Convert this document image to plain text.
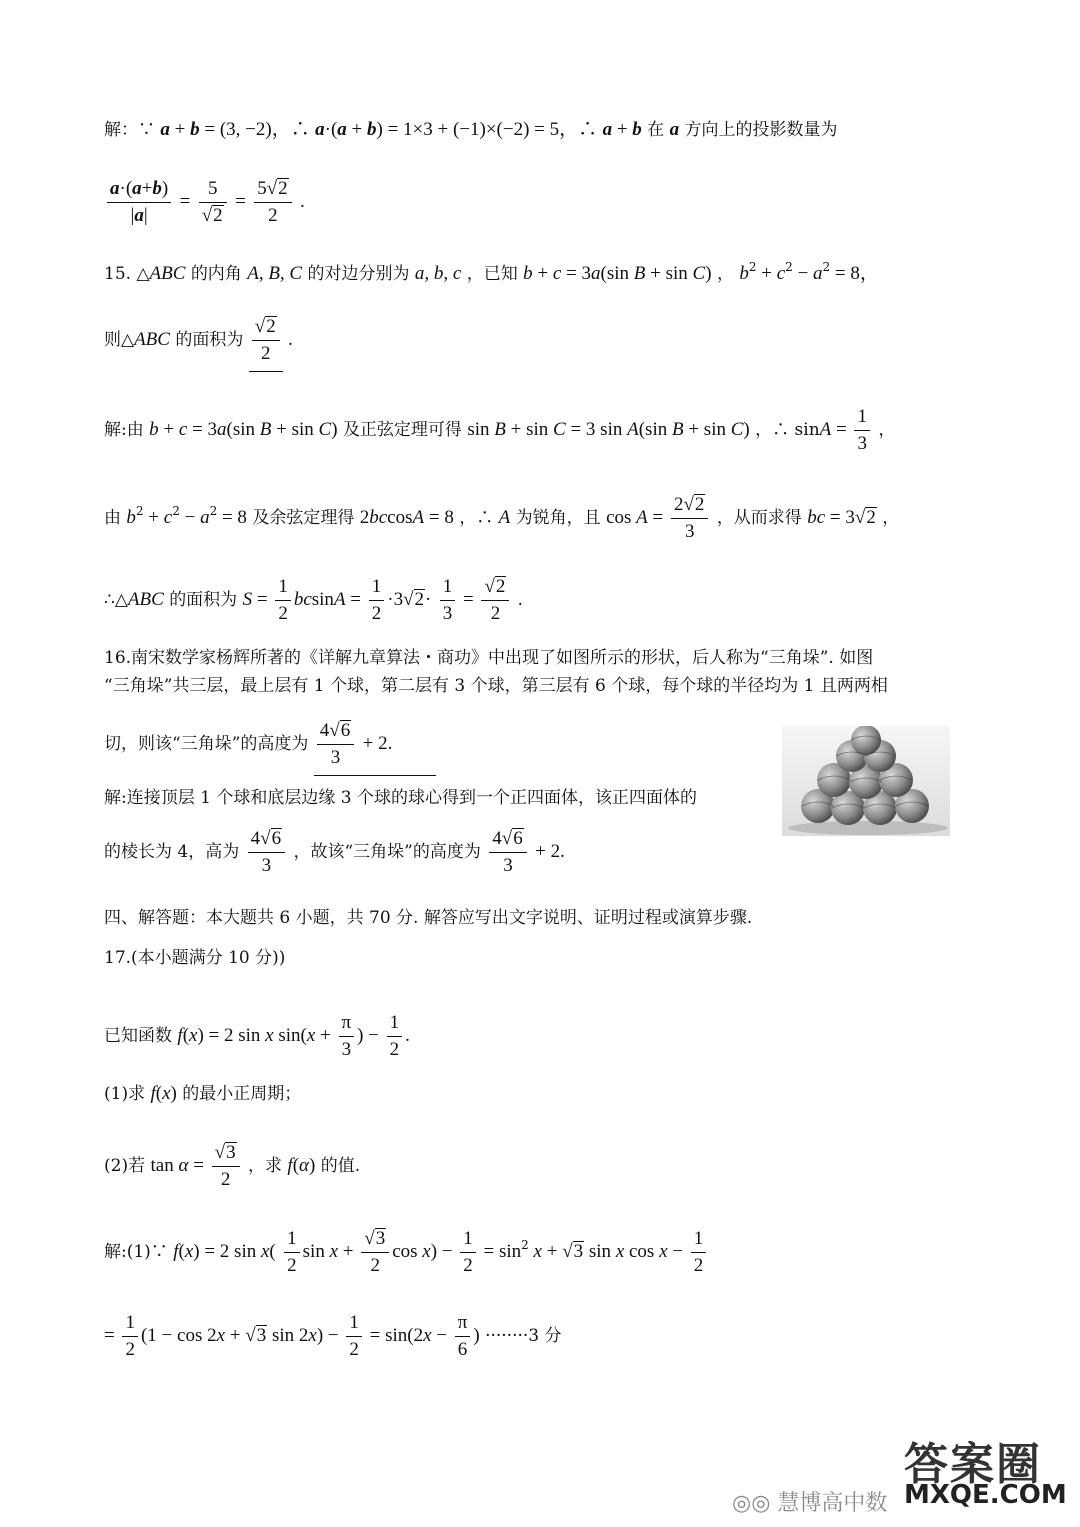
解：∵ a + b = (3, −2)，∴ a·(a + b) = 1×3 + (−1)×(−2) = 5，∴ a + b 在 a 方向上的投影数量为
$\frac{a\cdot(a+b)}{|a|} = \frac{5}{√2} = \frac{5√2}{2}$ .
15. △ABC 的内角 A, B, C 的对边分别为 a, b, c ，已知 b + c = 3a(sin B + sin C) ， $b^2 + c^2 - a^2 = 8$，
则△ABC 的面积为 $\frac{√2}{2}$ .
解:由 b + c = 3a(sin B + sin C) 及正弦定理可得 sin B + sin C = 3 sin A(sin B + sin C) ，∴ $\sin A = \frac{1}{3}$ ，
由 $b^2 + c^2 - a^2 = 8$ 及余弦定理得 2bccosA = 8 ，∴ A 为锐角，且 $\cos A = \frac{2√2}{3}$ ，从而求得 bc = 3√2 ，
∴△ABC 的面积为 $S = \frac{1}{2}$ $bcsinA = \frac{1}{2} \cdot 3√2\cdot \frac{1}{3} = \frac{√2}{2}$ .
16.南宋数学家杨辉所著的《详解九章算法・商功》中出现了如图所示的形状，后人称为“三角垛”. 如图
“三角垛”共三层，最上层有 1 个球，第二层有 3 个球，第三层有 6 个球，每个球的半径均为 1 且两两相
切，则该“三角垛”的高度为 $\frac{4√6}{3} + 2$.
解:连接顶层 1 个球和底层边缘 3 个球的球心得到一个正四面体，该正四面体的
的棱长为 4，高为 $\frac{4√6}{3}$ ，故该“三角垛”的高度为 $\frac{4√6}{3} + 2$.
四、解答题：本大题共 6 小题，共 70 分. 解答应写出文字说明、证明过程或演算步骤.
17.(本小题满分 10 分))
已知函数 f(x) = 2 sin x $\sin(x + \frac{\pi}{3}$ ) − $\frac{1}{2}$ .
(1)求 f(x) 的最小正周期；
(2)若 $\tan \alpha = \frac{√3}{2}$ ，求 f(α) 的值.
解:(1)∵ f(x) = 2 $\sin x( \frac{1}{2}$ $\sin x + \frac{√3}{2}$ $\cos x) - \frac{1}{2} = \sin^2 x + √3$ sin x $\cos x - \frac{1}{2}$
= $\frac{1}{2} (1 - \cos 2x + √3$ $\sin 2x) - \frac{1}{2} = \sin(2x - \frac{\pi}{6}$ ) ········3 分
◎◎ 慧博高中数
答案圈
MXQE.COM
